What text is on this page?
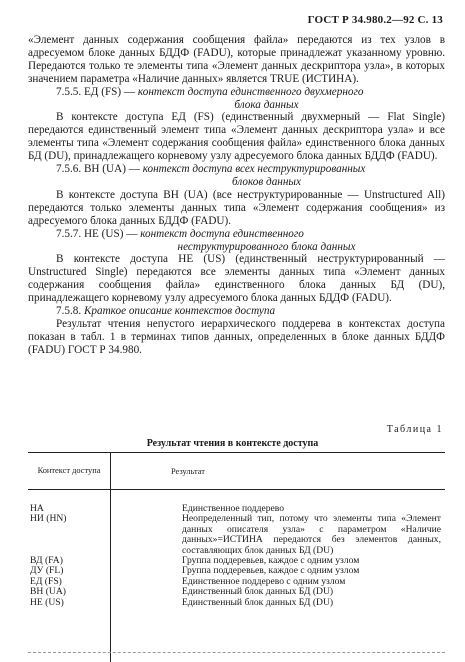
ГОСТ Р 34.980.2—92 С. 13

«Элемент данных содержания сообщения файла» передаются из тех узлов в адресуемом блоке данных БДДФ (FADU), которые принадлежат указанному уровню. Передаются только те элементы типа «Элемент данных дескриптора узла», в которых значением параметра «Наличие данных» является TRUE (ИСТИНА).

7.5.5. ЕД (FS) — контекст доступа единственного двухмерного

блока данных

В контексте доступа ЕД (FS) (единственный двухмерный — Flat Single) передаются единственный элемент типа «Элемент данных дескриптора узла» и все элементы типа «Элемент содержания сообщения файла» единственного блока данных БД (DU), принадлежащего корневому узлу адресуемого блока данных БДДФ (FADU).

7.5.6. ВН (UA) — контекст доступа всех неструктурированных

блоков данных

В контексте доступа ВН (UA) (все неструктурированные — Unstructured All) передаются только элементы данных типа «Элемент содержания сообщения» из адресуемого блока данных БДДФ (FADU).

7.5.7. НЕ (US) — контекст доступа единственного

неструктурированного блока данных

В контексте доступа НЕ (US) (единственный неструктурированный — Unstructured Single) передаются все элементы данных типа «Элемент данных содержания сообщения файла» единственного блока данных БД (DU), принадлежащего корневому узлу адресуемого блока данных БДДФ (FADU).

7.5.8. Краткое описание контекстов доступа

Результат чтения непустого иерархического поддерева в контекстах доступа показан в табл. 1 в терминах типов данных, определенных в блоке данных БДДФ (FADU) ГОСТ Р 34.980.

Таблица 1
Результат чтения в контексте доступа
Контекст доступа	Результат
НА	Единственное поддерево
НИ (HN)	Неопределенный тип, потому что элементы типа «Элемент данных описателя узла» с параметром «Наличие данных»=ИСТИНА передаются без элементов данных, составляющих блок данных БД (DU)
ВД (FA)	Группа поддеревьев, каждое с одним узлом
ДУ (FL)	Группа поддеревьев, каждое с одним узлом
ЕД (FS)	Единственное поддерево с одним узлом
ВН (UA)	Единственный блок данных БД (DU)
НЕ (US)	Единственный блок данных БД (DU)
